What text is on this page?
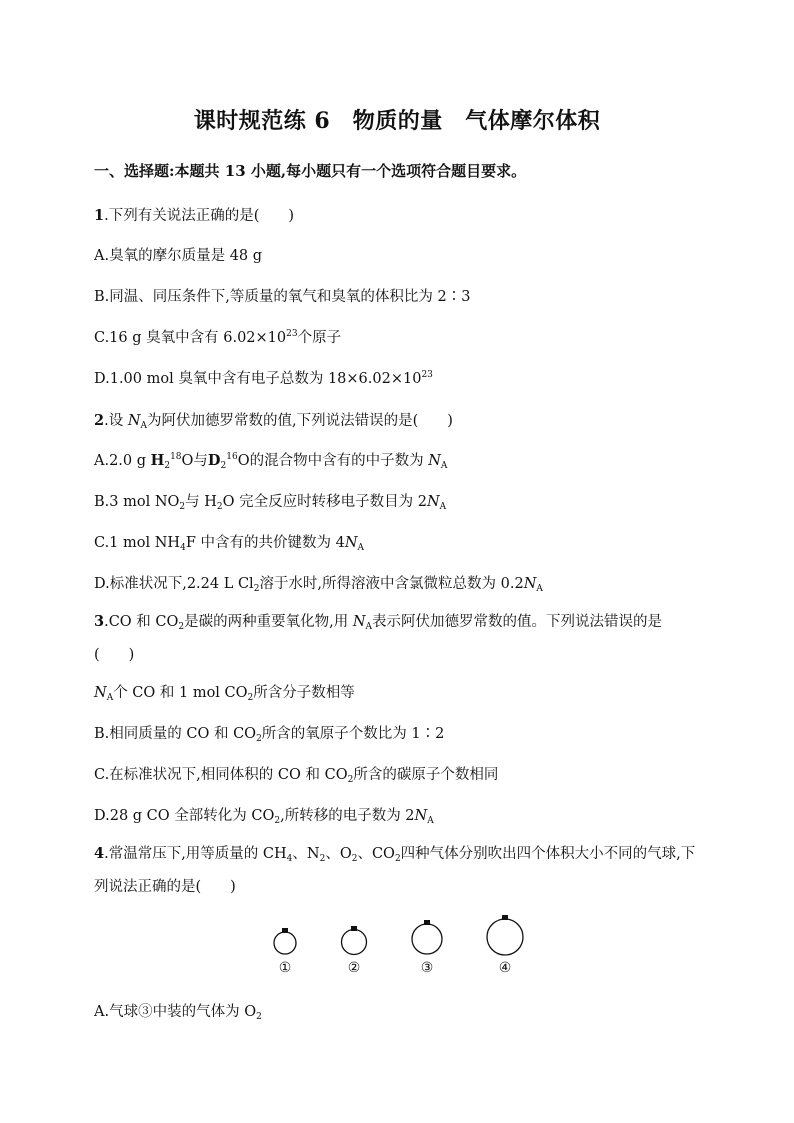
课时规范练 6　物质的量　气体摩尔体积
一、选择题:本题共 13 小题,每小题只有一个选项符合题目要求。
1.下列有关说法正确的是(　　)
A.臭氧的摩尔质量是 48 g
B.同温、同压条件下,等质量的氧气和臭氧的体积比为 2∶3
C.16 g 臭氧中含有 $6.02\times 10^{23}$个原子
D.1.00 mol 臭氧中含有电子总数为 $18\times 6.02\times 10^{23}$
2.设 $N_A$为阿伏加德罗常数的值,下列说法错误的是(　　)
A.2.0 g $H_2^{18}O$与$D_2^{16}O$的混合物中含有的中子数为 $N_A$
B.3 mol $NO_2$与 $H_2O$ 完全反应时转移电子数目为 $2N_A$
C.1 mol $NH_4F$ 中含有的共价键数为 $4N_A$
D.标准状况下,2.24 L $Cl_2$溶于水时,所得溶液中含氯微粒总数为 $0.2N_A$
3.CO 和 $CO_2$是碳的两种重要氧化物,用 $N_A$表示阿伏加德罗常数的值。下列说法错误的是(　　)
$N_A$个 CO 和 1 mol $CO_2$所含分子数相等
B.相同质量的 CO 和 $CO_2$所含的氧原子个数比为 1∶2
C.在标准状况下,相同体积的 CO 和 $CO_2$所含的碳原子个数相同
D.28 g CO 全部转化为 $CO_2$,所转移的电子数为 $2N_A$
4.常温常压下,用等质量的 $CH_4$、$N_2$、$O_2$、$CO_2$四种气体分别吹出四个体积大小不同的气球,下列说法正确的是(　　)
①	②	③	④
A.气球③中装的气体为 $O_2$
